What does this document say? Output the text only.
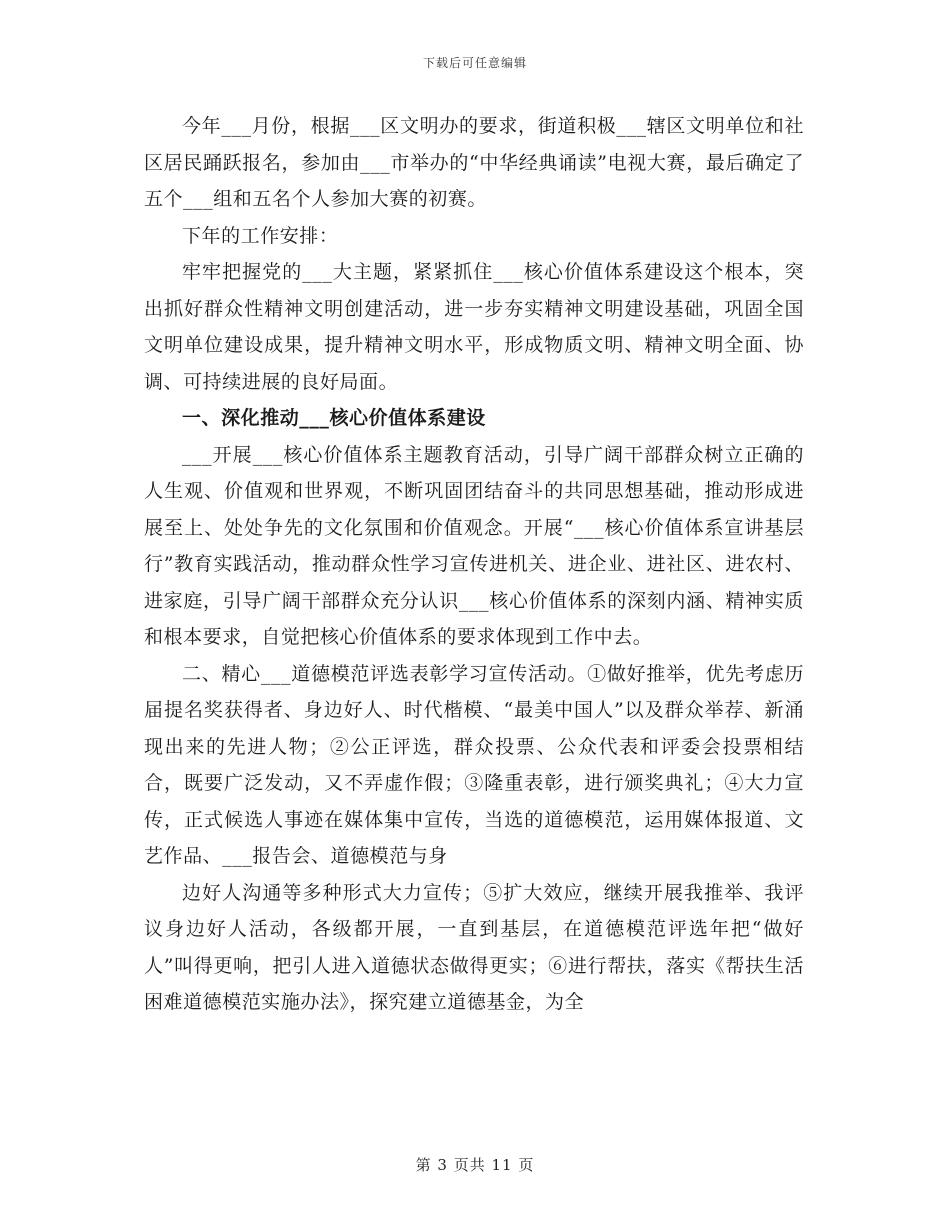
下载后可任意编辑

今年___月份，根据___区文明办的要求，街道积极___辖区文明单位和社区居民踊跃报名，参加由___市举办的“中华经典诵读”电视大赛，最后确定了五个___组和五名个人参加大赛的初赛。

下年的工作安排：

牢牢把握党的___大主题，紧紧抓住___核心价值体系建设这个根本，突出抓好群众性精神文明创建活动，进一步夯实精神文明建设基础，巩固全国文明单位建设成果，提升精神文明水平，形成物质文明、精神文明全面、协调、可持续进展的良好局面。

一、深化推动___核心价值体系建设

___开展___核心价值体系主题教育活动，引导广阔干部群众树立正确的人生观、价值观和世界观，不断巩固团结奋斗的共同思想基础，推动形成进展至上、处处争先的文化氛围和价值观念。开展“___核心价值体系宣讲基层行”教育实践活动，推动群众性学习宣传进机关、进企业、进社区、进农村、进家庭，引导广阔干部群众充分认识___核心价值体系的深刻内涵、精神实质和根本要求，自觉把核心价值体系的要求体现到工作中去。

二、精心___道德模范评选表彰学习宣传活动。①做好推举，优先考虑历届提名奖获得者、身边好人、时代楷模、“最美中国人”以及群众举荐、新涌现出来的先进人物；②公正评选，群众投票、公众代表和评委会投票相结合，既要广泛发动，又不弄虚作假；③隆重表彰，进行颁奖典礼；④大力宣传，正式候选人事迹在媒体集中宣传，当选的道德模范，运用媒体报道、文艺作品、___报告会、道德模范与身

边好人沟通等多种形式大力宣传；⑤扩大效应，继续开展我推举、我评议身边好人活动，各级都开展，一直到基层，在道德模范评选年把“做好人”叫得更响，把引人进入道德状态做得更实；⑥进行帮扶，落实《帮扶生活困难道德模范实施办法》，探究建立道德基金，为全

第 3 页共 11 页
